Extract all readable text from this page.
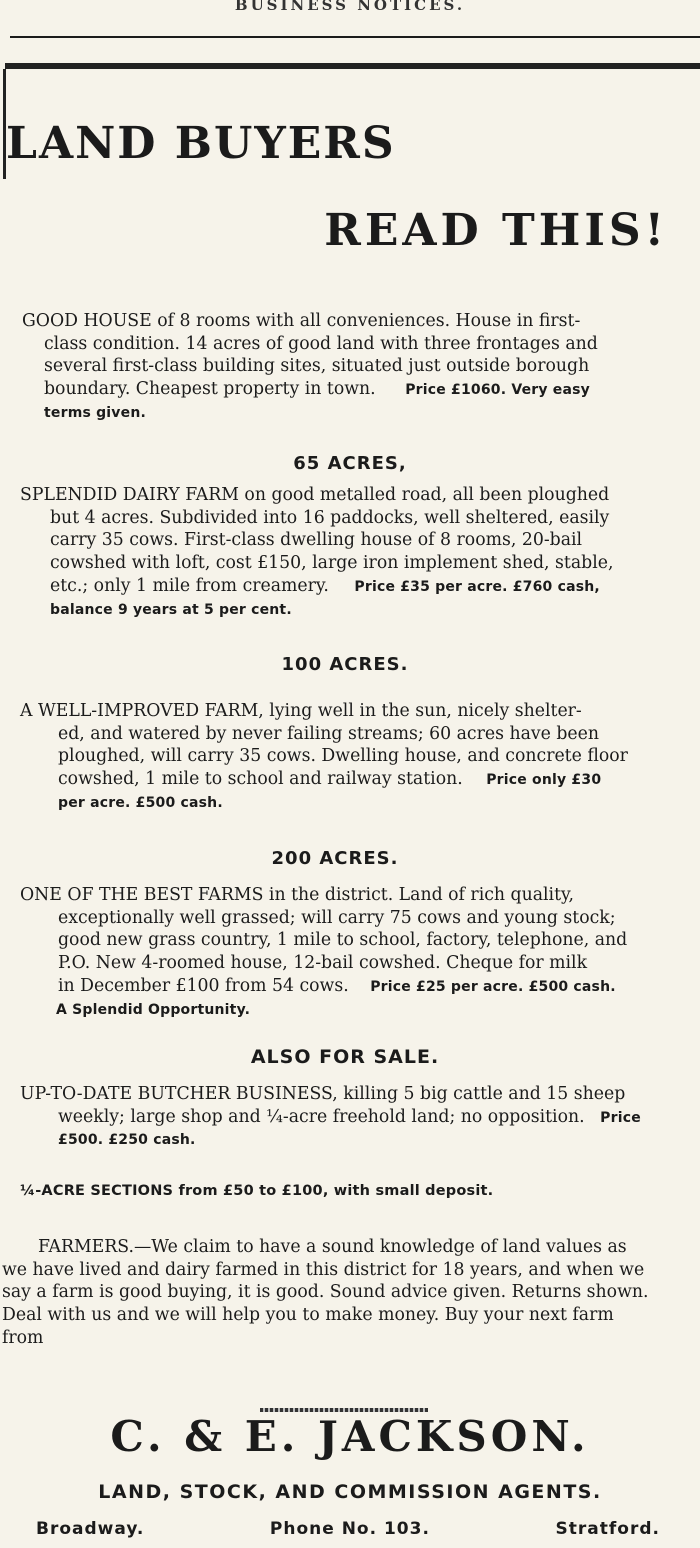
BUSINESS NOTICES.
LAND BUYERS
READ THIS!
GOOD HOUSE of 8 rooms with all conveniences. House in first-
class condition. 14 acres of good land with three frontages and
several first-class building sites, situated just outside borough
boundary. Cheapest property in town. Price £1060. Very easy
terms given.
65 ACRES,
SPLENDID DAIRY FARM on good metalled road, all been ploughed
but 4 acres. Subdivided into 16 paddocks, well sheltered, easily
carry 35 cows. First-class dwelling house of 8 rooms, 20-bail
cowshed with loft, cost £150, large iron implement shed, stable,
etc.; only 1 mile from creamery. Price £35 per acre. £760 cash,
balance 9 years at 5 per cent.
100 ACRES.
A WELL-IMPROVED FARM, lying well in the sun, nicely shelter-
ed, and watered by never failing streams; 60 acres have been
ploughed, will carry 35 cows. Dwelling house, and concrete floor
cowshed, 1 mile to school and railway station. Price only £30
per acre. £500 cash.
200 ACRES.
ONE OF THE BEST FARMS in the district. Land of rich quality,
exceptionally well grassed; will carry 75 cows and young stock;
good new grass country, 1 mile to school, factory, telephone, and
P.O. New 4-roomed house, 12-bail cowshed. Cheque for milk
in December £100 from 54 cows. Price £25 per acre. £500 cash.
A Splendid Opportunity.
ALSO FOR SALE.
UP-TO-DATE BUTCHER BUSINESS, killing 5 big cattle and 15 sheep
weekly; large shop and ¼-acre freehold land; no opposition. Price
£500. £250 cash.
¼-ACRE SECTIONS from £50 to £100, with small deposit.
FARMERS.—We claim to have a sound knowledge of land values as
we have lived and dairy farmed in this district for 18 years, and when we
say a farm is good buying, it is good. Sound advice given. Returns shown.
Deal with us and we will help you to make money. Buy your next farm
from
C. & E. JACKSON.
LAND, STOCK, AND COMMISSION AGENTS.
Broadway.	Phone No. 103.	Stratford.
